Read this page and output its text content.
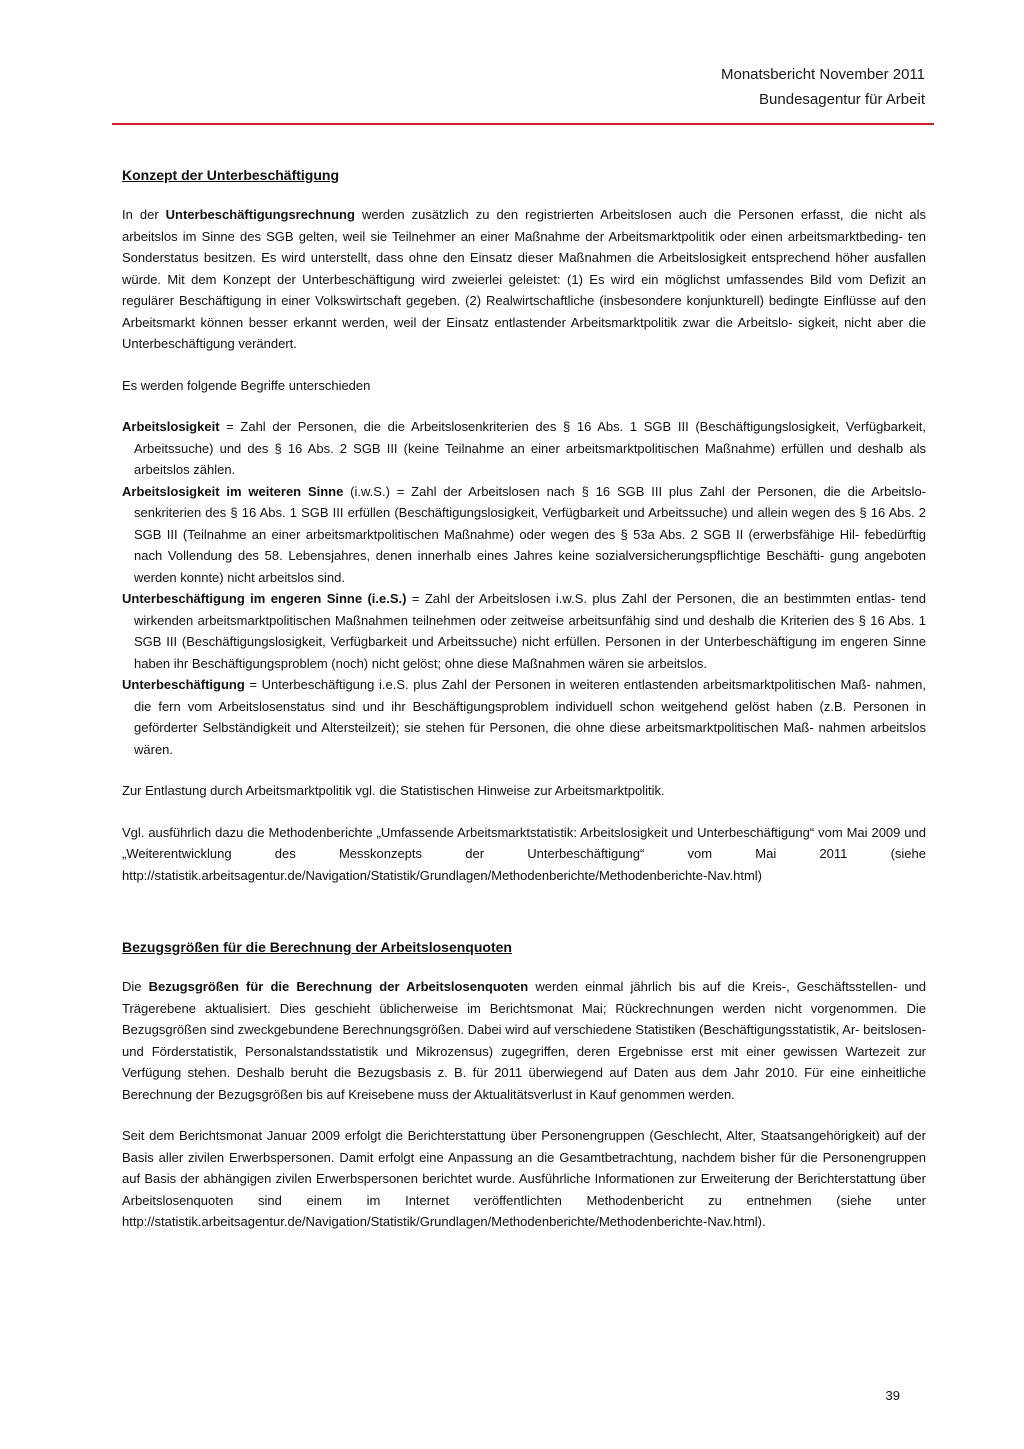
Monatsbericht November 2011
Bundesagentur für Arbeit
Konzept der Unterbeschäftigung

In der Unterbeschäftigungsrechnung werden zusätzlich zu den registrierten Arbeitslosen auch die Personen erfasst, die nicht als arbeitslos im Sinne des SGB gelten, weil sie Teilnehmer an einer Maßnahme der Arbeitsmarktpolitik oder einen arbeitsmarktbeding- ten Sonderstatus besitzen. Es wird unterstellt, dass ohne den Einsatz dieser Maßnahmen die Arbeitslosigkeit entsprechend höher ausfallen würde. Mit dem Konzept der Unterbeschäftigung wird zweierlei geleistet: (1) Es wird ein möglichst umfassendes Bild vom Defizit an regulärer Beschäftigung in einer Volkswirtschaft gegeben. (2) Realwirtschaftliche (insbesondere konjunkturell) bedingte Einflüsse auf den Arbeitsmarkt können besser erkannt werden, weil der Einsatz entlastender Arbeitsmarktpolitik zwar die Arbeitslo- sigkeit, nicht aber die Unterbeschäftigung verändert.

Es werden folgende Begriffe unterschieden

Arbeitslosigkeit = Zahl der Personen, die die Arbeitslosenkriterien des § 16 Abs. 1 SGB III (Beschäftigungslosigkeit, Verfügbarkeit, Arbeitssuche) und des § 16 Abs. 2 SGB III (keine Teilnahme an einer arbeitsmarktpolitischen Maßnahme) erfüllen und deshalb als arbeitslos zählen.

Arbeitslosigkeit im weiteren Sinne (i.w.S.) = Zahl der Arbeitslosen nach § 16 SGB III plus Zahl der Personen, die die Arbeitslo- senkriterien des § 16 Abs. 1 SGB III erfüllen (Beschäftigungslosigkeit, Verfügbarkeit und Arbeitssuche) und allein wegen des § 16 Abs. 2 SGB III (Teilnahme an einer arbeitsmarktpolitischen Maßnahme) oder wegen des § 53a Abs. 2 SGB II (erwerbsfähige Hil- febedürftig nach Vollendung des 58. Lebensjahres, denen innerhalb eines Jahres keine sozialversicherungspflichtige Beschäfti- gung angeboten werden konnte) nicht arbeitslos sind.

Unterbeschäftigung im engeren Sinne (i.e.S.) = Zahl der Arbeitslosen i.w.S. plus Zahl der Personen, die an bestimmten entlas- tend wirkenden arbeitsmarktpolitischen Maßnahmen teilnehmen oder zeitweise arbeitsunfähig sind und deshalb die Kriterien des § 16 Abs. 1 SGB III (Beschäftigungslosigkeit, Verfügbarkeit und Arbeitssuche) nicht erfüllen. Personen in der Unterbeschäftigung im engeren Sinne haben ihr Beschäftigungsproblem (noch) nicht gelöst; ohne diese Maßnahmen wären sie arbeitslos.

Unterbeschäftigung = Unterbeschäftigung i.e.S. plus Zahl der Personen in weiteren entlastenden arbeitsmarktpolitischen Maß- nahmen, die fern vom Arbeitslosenstatus sind und ihr Beschäftigungsproblem individuell schon weitgehend gelöst haben (z.B. Personen in geförderter Selbständigkeit und Altersteilzeit); sie stehen für Personen, die ohne diese arbeitsmarktpolitischen Maß- nahmen arbeitslos wären.

Zur Entlastung durch Arbeitsmarktpolitik vgl. die Statistischen Hinweise zur Arbeitsmarktpolitik.

Vgl. ausführlich dazu die Methodenberichte „Umfassende Arbeitsmarktstatistik: Arbeitslosigkeit und Unterbeschäftigung“ vom Mai 2009 und „Weiterentwicklung des Messkonzepts der Unterbeschäftigung“ vom Mai 2011 (siehe http://statistik.arbeitsagentur.de/Navigation/Statistik/Grundlagen/Methodenberichte/Methodenberichte-Nav.html)

Bezugsgrößen für die Berechnung der Arbeitslosenquoten

Die Bezugsgrößen für die Berechnung der Arbeitslosenquoten werden einmal jährlich bis auf die Kreis-, Geschäftsstellen- und Trägerebene aktualisiert. Dies geschieht üblicherweise im Berichtsmonat Mai; Rückrechnungen werden nicht vorgenommen. Die Bezugsgrößen sind zweckgebundene Berechnungsgrößen. Dabei wird auf verschiedene Statistiken (Beschäftigungsstatistik, Ar- beitslosen- und Förderstatistik, Personalstandsstatistik und Mikrozensus) zugegriffen, deren Ergebnisse erst mit einer gewissen Wartezeit zur Verfügung stehen. Deshalb beruht die Bezugsbasis z. B. für 2011 überwiegend auf Daten aus dem Jahr 2010. Für eine einheitliche Berechnung der Bezugsgrößen bis auf Kreisebene muss der Aktualitätsverlust in Kauf genommen werden.

Seit dem Berichtsmonat Januar 2009 erfolgt die Berichterstattung über Personengruppen (Geschlecht, Alter, Staatsangehörigkeit) auf der Basis aller zivilen Erwerbspersonen. Damit erfolgt eine Anpassung an die Gesamtbetrachtung, nachdem bisher für die Personengruppen auf Basis der abhängigen zivilen Erwerbspersonen berichtet wurde. Ausführliche Informationen zur Erweiterung der Berichterstattung über Arbeitslosenquoten sind einem im Internet veröffentlichten Methodenbericht zu entnehmen (siehe unter http://statistik.arbeitsagentur.de/Navigation/Statistik/Grundlagen/Methodenberichte/Methodenberichte-Nav.html).

39
